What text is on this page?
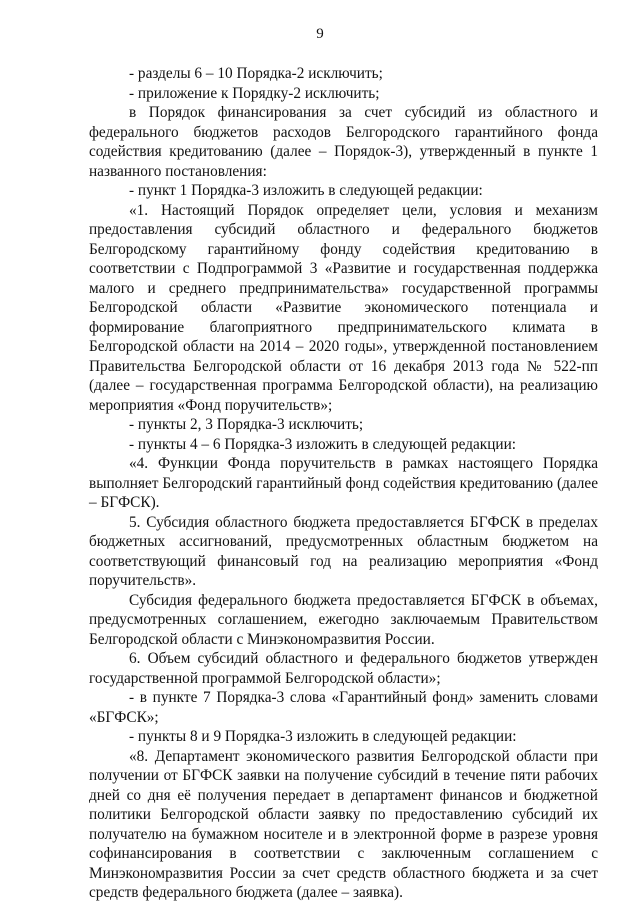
9

- разделы 6 – 10 Порядка-2 исключить;

- приложение к Порядку-2 исключить;

в Порядок финансирования за счет субсидий из областного и федерального бюджетов расходов Белгородского гарантийного фонда содействия кредитованию (далее – Порядок-3), утвержденный в пункте 1 названного постановления:

- пункт 1 Порядка-3 изложить в следующей редакции:

«1. Настоящий Порядок определяет цели, условия и механизм предоставления субсидий областного и федерального бюджетов Белгородскому гарантийному фонду содействия кредитованию в соответствии с Подпрограммой 3 «Развитие и государственная поддержка малого и среднего предпринимательства» государственной программы Белгородской области «Развитие экономического потенциала и формирование благоприятного предпринимательского климата в Белгородской области на 2014 – 2020 годы», утвержденной постановлением Правительства Белгородской области от 16 декабря 2013 года № 522-пп (далее – государственная программа Белгородской области), на реализацию мероприятия «Фонд поручительств»;

- пункты 2, 3 Порядка-3 исключить;

- пункты 4 – 6 Порядка-3 изложить в следующей редакции:

«4. Функции Фонда поручительств в рамках настоящего Порядка выполняет Белгородский гарантийный фонд содействия кредитованию (далее – БГФСК).

5. Субсидия областного бюджета предоставляется БГФСК в пределах бюджетных ассигнований, предусмотренных областным бюджетом на соответствующий финансовый год на реализацию мероприятия «Фонд поручительств».

Субсидия федерального бюджета предоставляется БГФСК в объемах, предусмотренных соглашением, ежегодно заключаемым Правительством Белгородской области с Минэкономразвития России.

6. Объем субсидий областного и федерального бюджетов утвержден государственной программой Белгородской области»;

- в пункте 7 Порядка-3 слова «Гарантийный фонд» заменить словами «БГФСК»;

- пункты 8 и 9 Порядка-3 изложить в следующей редакции:

«8. Департамент экономического развития Белгородской области при получении от БГФСК заявки на получение субсидий в течение пяти рабочих дней со дня её получения передает в департамент финансов и бюджетной политики Белгородской области заявку по предоставлению субсидий их получателю на бумажном носителе и в электронной форме в разрезе уровня софинансирования в соответствии с заключенным соглашением с Минэкономразвития России за счет средств областного бюджета и за счет средств федерального бюджета (далее – заявка).
